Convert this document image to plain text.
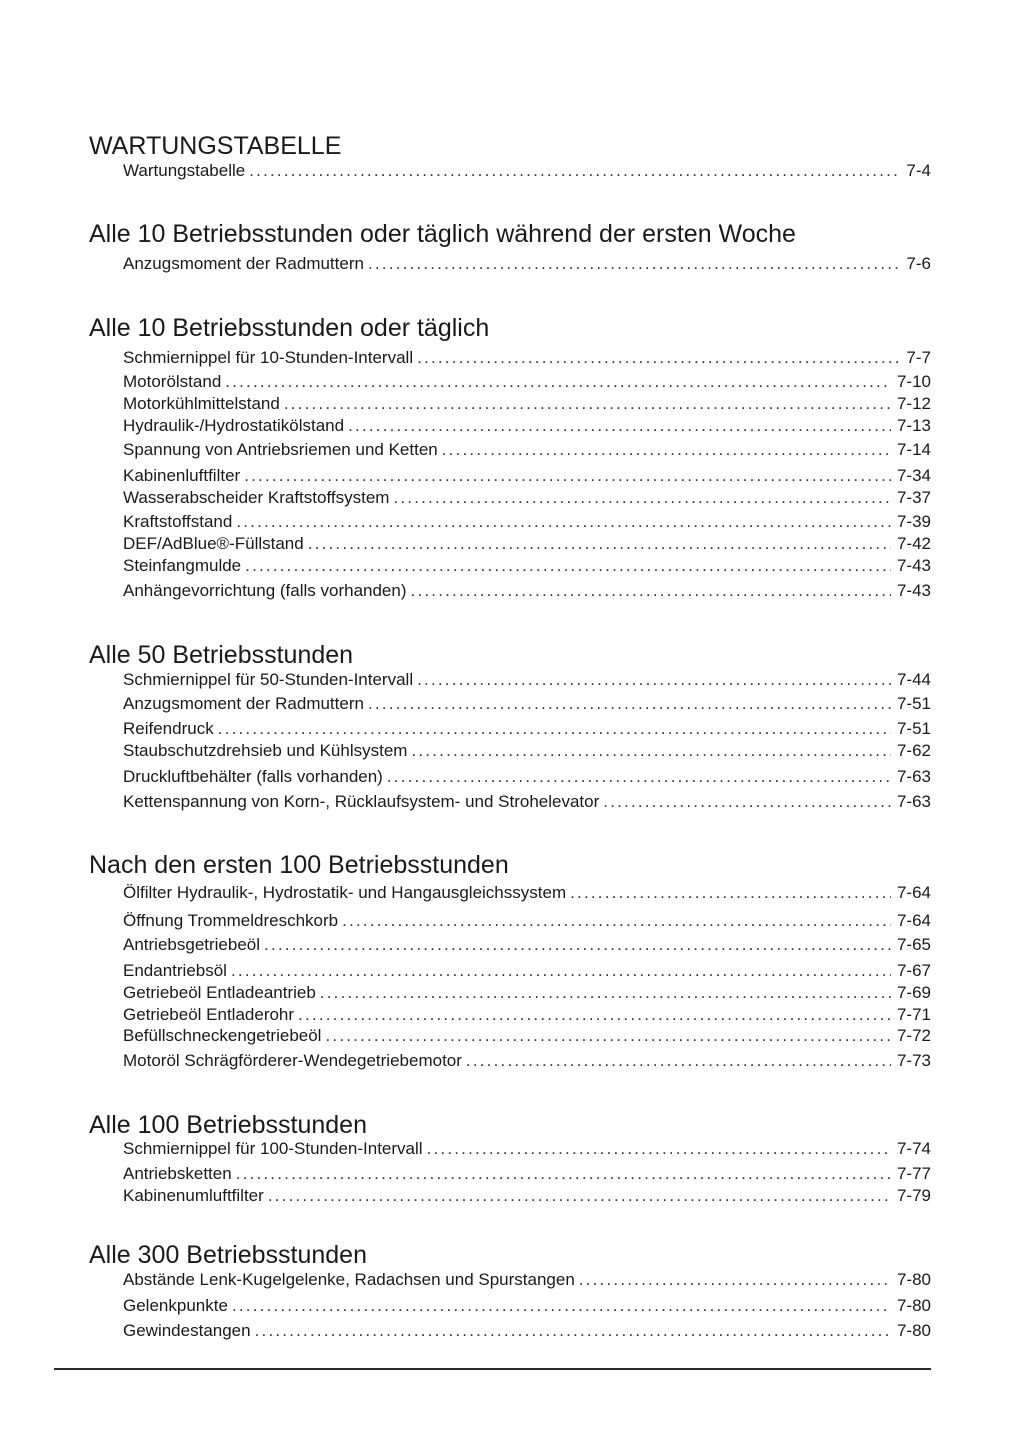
WARTUNGSTABELLE
Wartungstabelle .....	7-4
Alle 10 Betriebsstunden oder täglich während der ersten Woche
Anzugsmoment der Radmuttern .....	7-6
Alle 10 Betriebsstunden oder täglich
Schmiernippel für 10-Stunden-Intervall .....	7-7
Motorölstand .....	7-10
Motorkühlmittelstand .....	7-12
Hydraulik-/Hydrostatikölstand .....	7-13
Spannung von Antriebsriemen und Ketten .....	7-14
Kabinenluftfilter .....	7-34
Wasserabscheider Kraftstoffsystem .....	7-37
Kraftstoffstand .....	7-39
DEF/AdBlue®-Füllstand .....	7-42
Steinfangmulde .....	7-43
Anhängevorrichtung (falls vorhanden) .....	7-43
Alle 50 Betriebsstunden
Schmiernippel für 50-Stunden-Intervall .....	7-44
Anzugsmoment der Radmuttern .....	7-51
Reifendruck .....	7-51
Staubschutzdrehsieb und Kühlsystem .....	7-62
Druckluftbehälter (falls vorhanden) .....	7-63
Kettenspannung von Korn-, Rücklaufsystem- und Strohelevator .....	7-63
Nach den ersten 100 Betriebsstunden
Ölfilter Hydraulik-, Hydrostatik- und Hangausgleichssystem .....	7-64
Öffnung Trommeldreschkorb .....	7-64
Antriebsgetriebeöl .....	7-65
Endantriebsöl .....	7-67
Getriebeöl Entladeantrieb .....	7-69
Getriebeöl Entladerohr .....	7-71
Befüllschneckengetriebeöl .....	7-72
Motoröl Schrägförderer-Wendegetriebemotor .....	7-73
Alle 100 Betriebsstunden
Schmiernippel für 100-Stunden-Intervall .....	7-74
Antriebsketten .....	7-77
Kabinenumluftfilter .....	7-79
Alle 300 Betriebsstunden
Abstände Lenk-Kugelgelenke, Radachsen und Spurstangen .....	7-80
Gelenkpunkte .....	7-80
Gewindestangen .....	7-80
